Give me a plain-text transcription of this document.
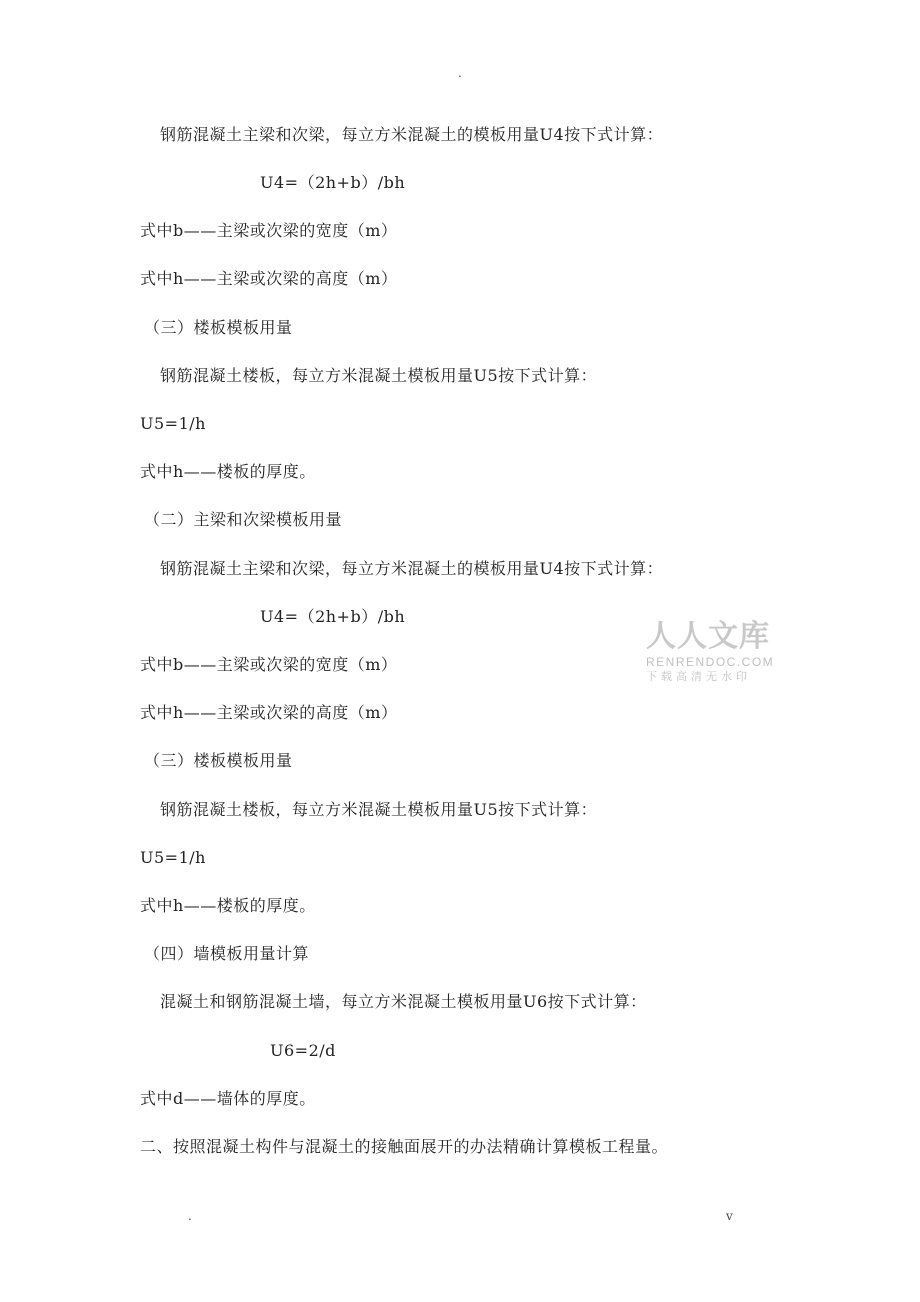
.
钢筋混凝土主梁和次梁，每立方米混凝土的模板用量U4按下式计算：
U4=（2h+b）/bh
式中b——主梁或次梁的宽度（m）
式中h——主梁或次梁的高度（m）
（三）楼板模板用量
钢筋混凝土楼板，每立方米混凝土模板用量U5按下式计算：
U5=1/h
式中h——楼板的厚度。
（二）主梁和次梁模板用量
钢筋混凝土主梁和次梁，每立方米混凝土的模板用量U4按下式计算：
U4=（2h+b）/bh
式中b——主梁或次梁的宽度（m）
式中h——主梁或次梁的高度（m）
（三）楼板模板用量
钢筋混凝土楼板，每立方米混凝土模板用量U5按下式计算：
U5=1/h
式中h——楼板的厚度。
（四）墙模板用量计算
混凝土和钢筋混凝土墙，每立方米混凝土模板用量U6按下式计算：
U6=2/d
式中d——墙体的厚度。
二、按照混凝土构件与混凝土的接触面展开的办法精确计算模板工程量。
人人文库
RENRENDOC.COM
下载高清无水印
.	v
